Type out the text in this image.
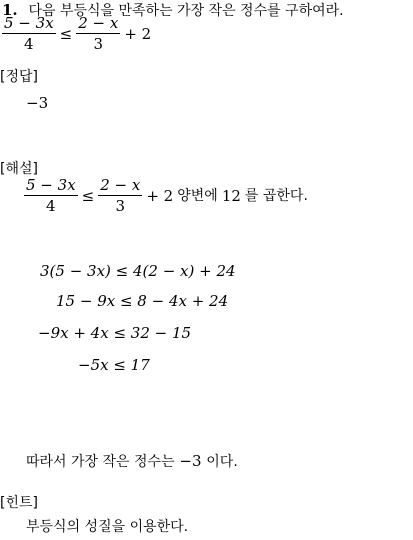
1. 다음 부등식을 만족하는 가장 작은 정수를 구하여라.
$\frac{5 - 3x}{4} \le \frac{2 - x}{3} + 2$
[정답]
−3
[해설]
$\frac{5 - 3x}{4} \le \frac{2 - x}{3} + 2$ 양변에 12 를 곱한다.
3(5 − 3x) ≤ 4(2 − x) + 24
15 − 9x ≤ 8 − 4x + 24
−9x + 4x ≤ 32 − 15
−5x ≤ 17
따라서 가장 작은 정수는 −3 이다.
[힌트]
부등식의 성질을 이용한다.
